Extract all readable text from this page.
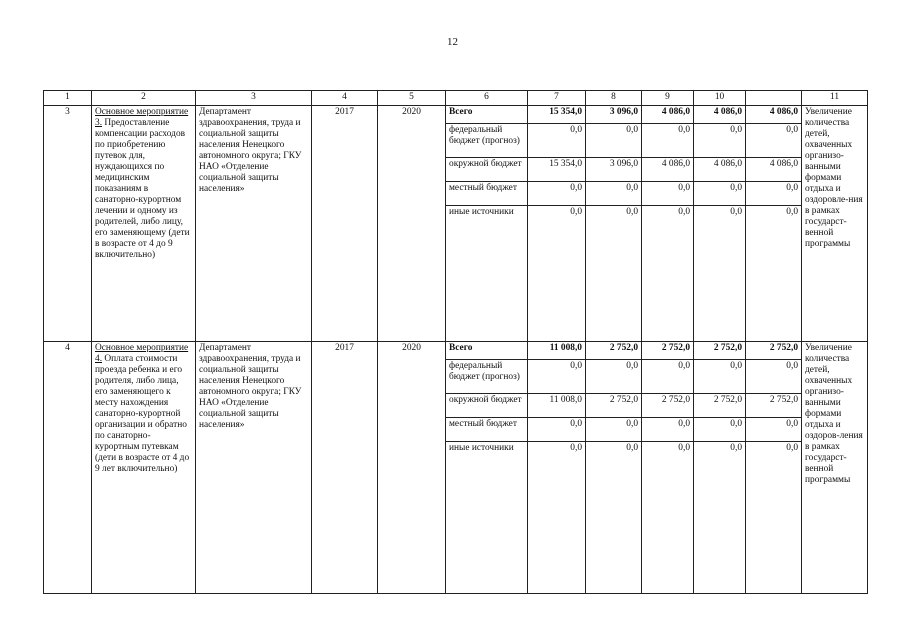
12
1	2	3	4	5	6	7	8	9	10		11
3	Основное мероприятие 3. Предоставление компенсации расходов по приобретению путевок для, нуждающихся по медицинским показаниям в санаторно-курортном лечении и одному из родителей, либо лицу, его заменяющему (дети в возрасте от 4 до 9 включительно)	Департамент здравоохранения, труда и социальной защиты населения Ненецкого автономного округа; ГКУ НАО «Отделение социальной защиты населения»	2017	2020	Всего	15 354,0	3 096,0	4 086,0	4 086,0	4 086,0	Увеличение количества детей, охваченных организо-ванными формами отдыха и оздоровле-ния в рамках государст-венной программы
					федеральный бюджет (прогноз)	0,0	0,0	0,0	0,0	0,0	
					окружной бюджет	15 354,0	3 096,0	4 086,0	4 086,0	4 086,0	
					местный бюджет	0,0	0,0	0,0	0,0	0,0	
					иные источники	0,0	0,0	0,0	0,0	0,0	
4	Основное мероприятие 4. Оплата стоимости проезда ребенка и его родителя, либо лица, его заменяющего к месту нахождения санаторно-курортной организации и обратно по санаторно-курортным путевкам (дети в возрасте от 4 до 9 лет включительно)	Департамент здравоохранения, труда и социальной защиты населения Ненецкого автономного округа; ГКУ НАО «Отделение социальной защиты населения»	2017	2020	Всего	11 008,0	2 752,0	2 752,0	2 752,0	2 752,0	Увеличение количества детей, охваченных организо-ванными формами отдыха и оздоров-ления в рамках государст-венной программы
					федеральный бюджет (прогноз)	0,0	0,0	0,0	0,0	0,0	
					окружной бюджет	11 008,0	2 752,0	2 752,0	2 752,0	2 752,0	
					местный бюджет	0,0	0,0	0,0	0,0	0,0	
					иные источники	0,0	0,0	0,0	0,0	0,0	
